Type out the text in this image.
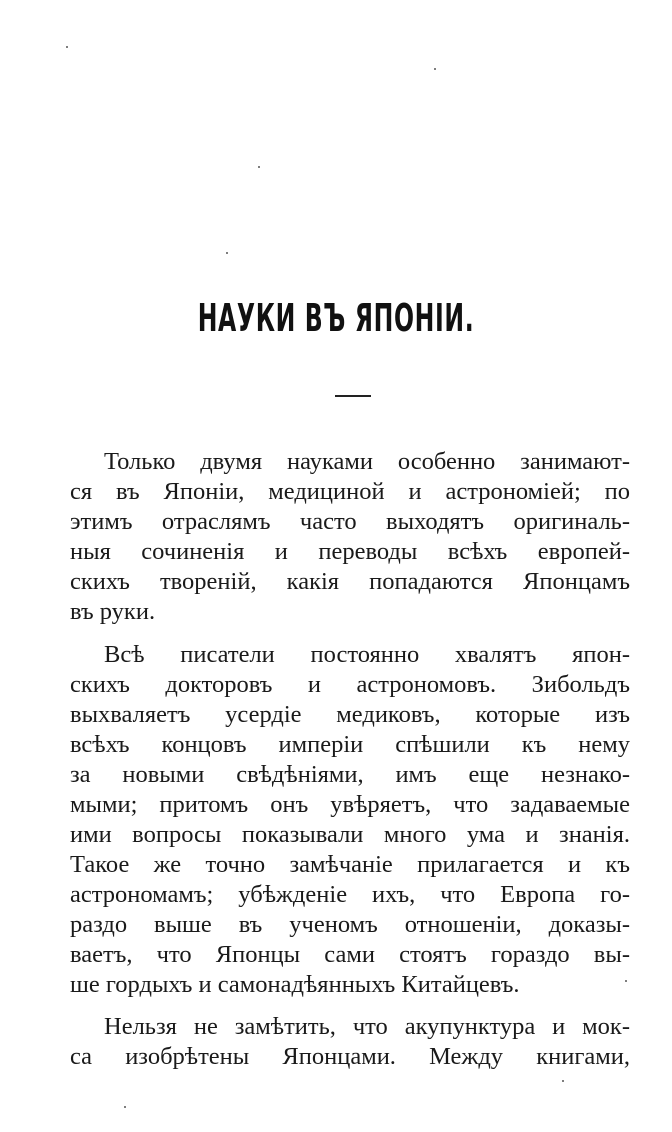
НАУКИ ВЪ ЯПОНІИ.
Только двумя науками особенно занимают-
ся въ Японіи, медициной и астрономіей; по
этимъ отраслямъ часто выходятъ оригиналь-
ныя сочиненія и переводы всѣхъ европей-
скихъ твореній, какія попадаются Японцамъ
въ руки.
Всѣ писатели постоянно хвалятъ япон-
скихъ докторовъ и астрономовъ. Зибольдъ
выхваляетъ усердіе медиковъ, которые изъ
всѣхъ концовъ имперіи спѣшили къ нему
за новыми свѣдѣніями, имъ еще незнако-
мыми; притомъ онъ увѣряетъ, что задаваемые
ими вопросы показывали много ума и знанія.
Такое же точно замѣчаніе прилагается и къ
астрономамъ; убѣжденіе ихъ, что Европа го-
раздо выше въ ученомъ отношеніи, доказы-
ваетъ, что Японцы сами стоятъ гораздо вы-
ше гордыхъ и самонадѣянныхъ Китайцевъ.
Нельзя не замѣтить, что акупунктура и мок-
са изобрѣтены Японцами. Между книгами,
